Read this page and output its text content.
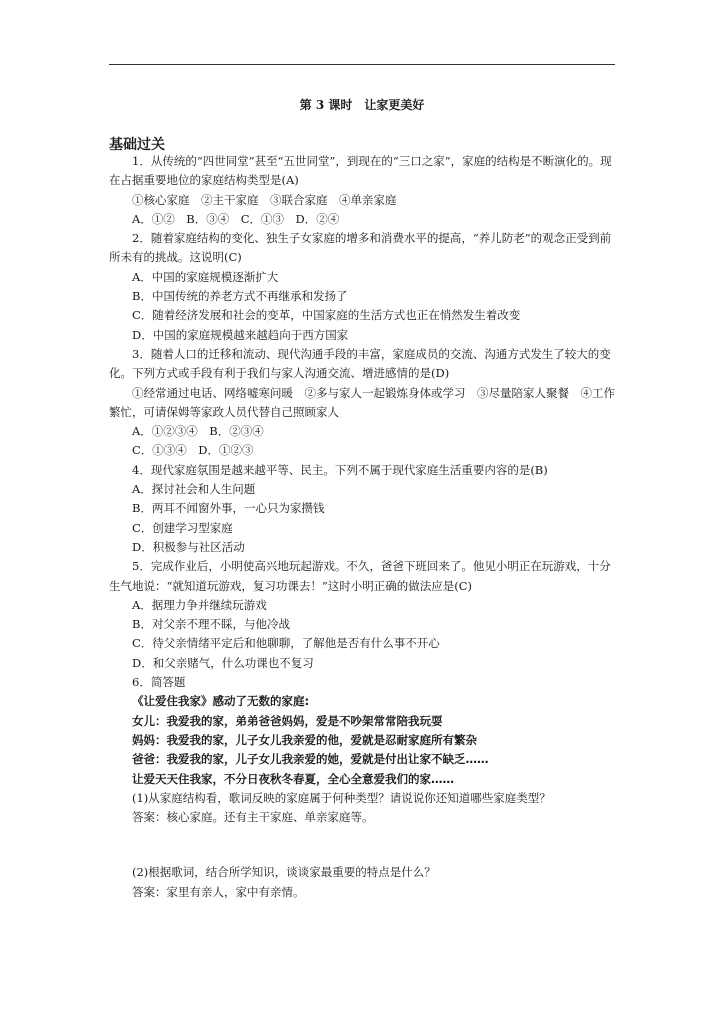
第 3 课时　让家更美好
基础过关

1．从传统的“四世同堂”甚至“五世同堂”，到现在的“三口之家”，家庭的结构是不断演化的。现在占据重要地位的家庭结构类型是(A)

①核心家庭　②主干家庭　③联合家庭　④单亲家庭

A．①②　B．③④　C．①③　D．②④

2．随着家庭结构的变化、独生子女家庭的增多和消费水平的提高，“养儿防老”的观念正受到前所未有的挑战。这说明(C)

A．中国的家庭规模逐渐扩大

B．中国传统的养老方式不再继承和发扬了

C．随着经济发展和社会的变革，中国家庭的生活方式也正在悄然发生着改变

D．中国的家庭规模越来越趋向于西方国家

3．随着人口的迁移和流动、现代沟通手段的丰富，家庭成员的交流、沟通方式发生了较大的变化。下列方式或手段有利于我们与家人沟通交流、增进感情的是(D)

①经常通过电话、网络嘘寒问暖　②多与家人一起锻炼身体或学习　③尽量陪家人聚餐　④工作繁忙，可请保姆等家政人员代替自己照顾家人

A．①②③④　B．②③④

C．①③④　D．①②③

4．现代家庭氛围是越来越平等、民主。下列不属于现代家庭生活重要内容的是(B)

A．探讨社会和人生问题

B．两耳不闻窗外事，一心只为家攒钱

C．创建学习型家庭

D．积极参与社区活动

5．完成作业后，小明使高兴地玩起游戏。不久，爸爸下班回来了。他见小明正在玩游戏，十分生气地说：“就知道玩游戏，复习功课去！”这时小明正确的做法应是(C)

A．据理力争并继续玩游戏

B．对父亲不理不睬，与他冷战

C．待父亲情绪平定后和他聊聊，了解他是否有什么事不开心

D．和父亲赌气，什么功课也不复习

6．简答题

《让爱住我家》感动了无数的家庭:

女儿：我爱我的家，弟弟爸爸妈妈，爱是不吵架常常陪我玩耍

妈妈：我爱我的家，儿子女儿我亲爱的他，爱就是忍耐家庭所有繁杂

爸爸：我爱我的家，儿子女儿我亲爱的她，爱就是付出让家不缺乏……

让爱天天住我家，不分日夜秋冬春夏，全心全意爱我们的家……

(1)从家庭结构看，歌词反映的家庭属于何种类型？请说说你还知道哪些家庭类型？

答案：核心家庭。还有主干家庭、单亲家庭等。

(2)根据歌词，结合所学知识，谈谈家最重要的特点是什么？

答案：家里有亲人，家中有亲情。
